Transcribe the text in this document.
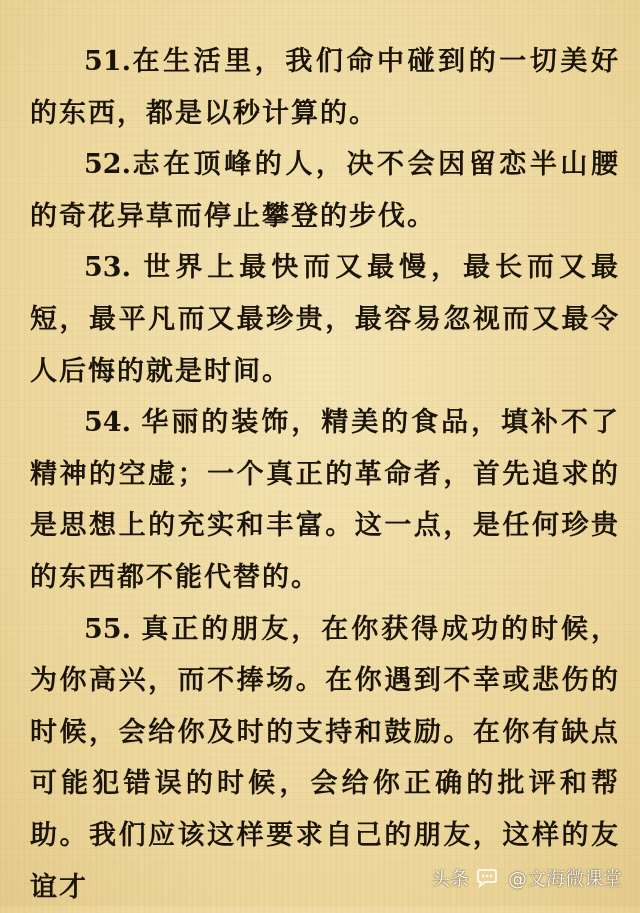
51.在生活里，我们命中碰到的一切美好的东西，都是以秒计算的。

52.志在顶峰的人，决不会因留恋半山腰的奇花异草而停止攀登的步伐。

53. 世界上最快而又最慢，最长而又最短，最平凡而又最珍贵，最容易忽视而又最令人后悔的就是时间。

54. 华丽的装饰，精美的食品，填补不了精神的空虚；一个真正的革命者，首先追求的是思想上的充实和丰富。这一点，是任何珍贵的东西都不能代替的。

55. 真正的朋友，在你获得成功的时候，为你高兴，而不捧场。在你遇到不幸或悲伤的时候，会给你及时的支持和鼓励。在你有缺点可能犯错误的时候，会给你正确的批评和帮助。我们应该这样要求自己的朋友，这样的友谊才	头条 @文海微课堂
